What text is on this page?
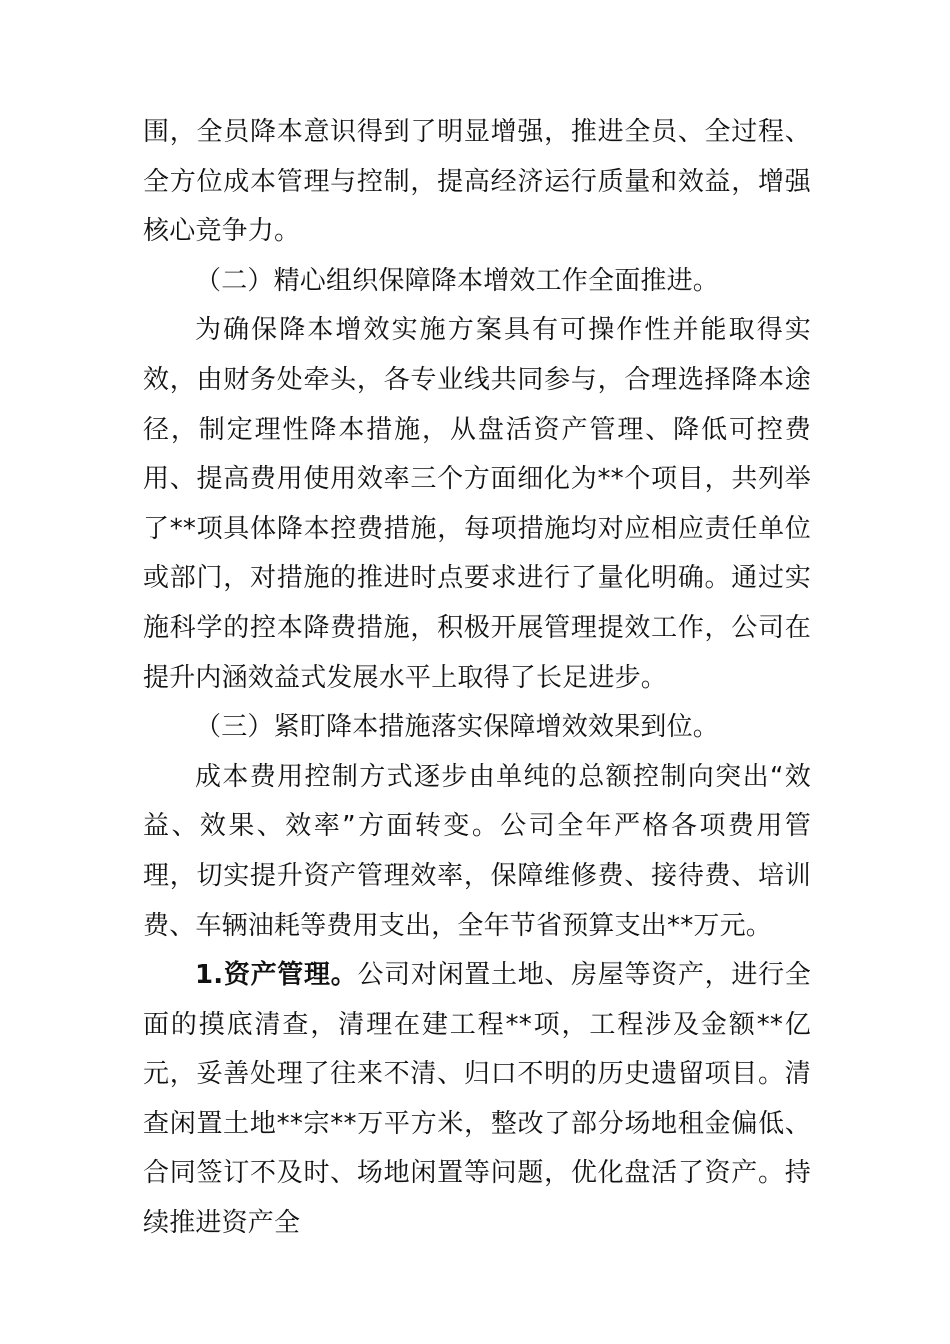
围，全员降本意识得到了明显增强，推进全员、全过程、全方位成本管理与控制，提高经济运行质量和效益，增强核心竞争力。

（二）精心组织保障降本增效工作全面推进。

为确保降本增效实施方案具有可操作性并能取得实效，由财务处牵头，各专业线共同参与，合理选择降本途径，制定理性降本措施，从盘活资产管理、降低可控费用、提高费用使用效率三个方面细化为**个项目，共列举了**项具体降本控费措施，每项措施均对应相应责任单位或部门，对措施的推进时点要求进行了量化明确。通过实施科学的控本降费措施，积极开展管理提效工作，公司在提升内涵效益式发展水平上取得了长足进步。

（三）紧盯降本措施落实保障增效效果到位。

成本费用控制方式逐步由单纯的总额控制向突出“效益、效果、效率”方面转变。公司全年严格各项费用管理，切实提升资产管理效率，保障维修费、接待费、培训费、车辆油耗等费用支出，全年节省预算支出**万元。

1.资产管理。公司对闲置土地、房屋等资产，进行全面的摸底清查，清理在建工程**项，工程涉及金额**亿元，妥善处理了往来不清、归口不明的历史遗留项目。清查闲置土地**宗**万平方米，整改了部分场地租金偏低、合同签订不及时、场地闲置等问题，优化盘活了资产。持续推进资产全
